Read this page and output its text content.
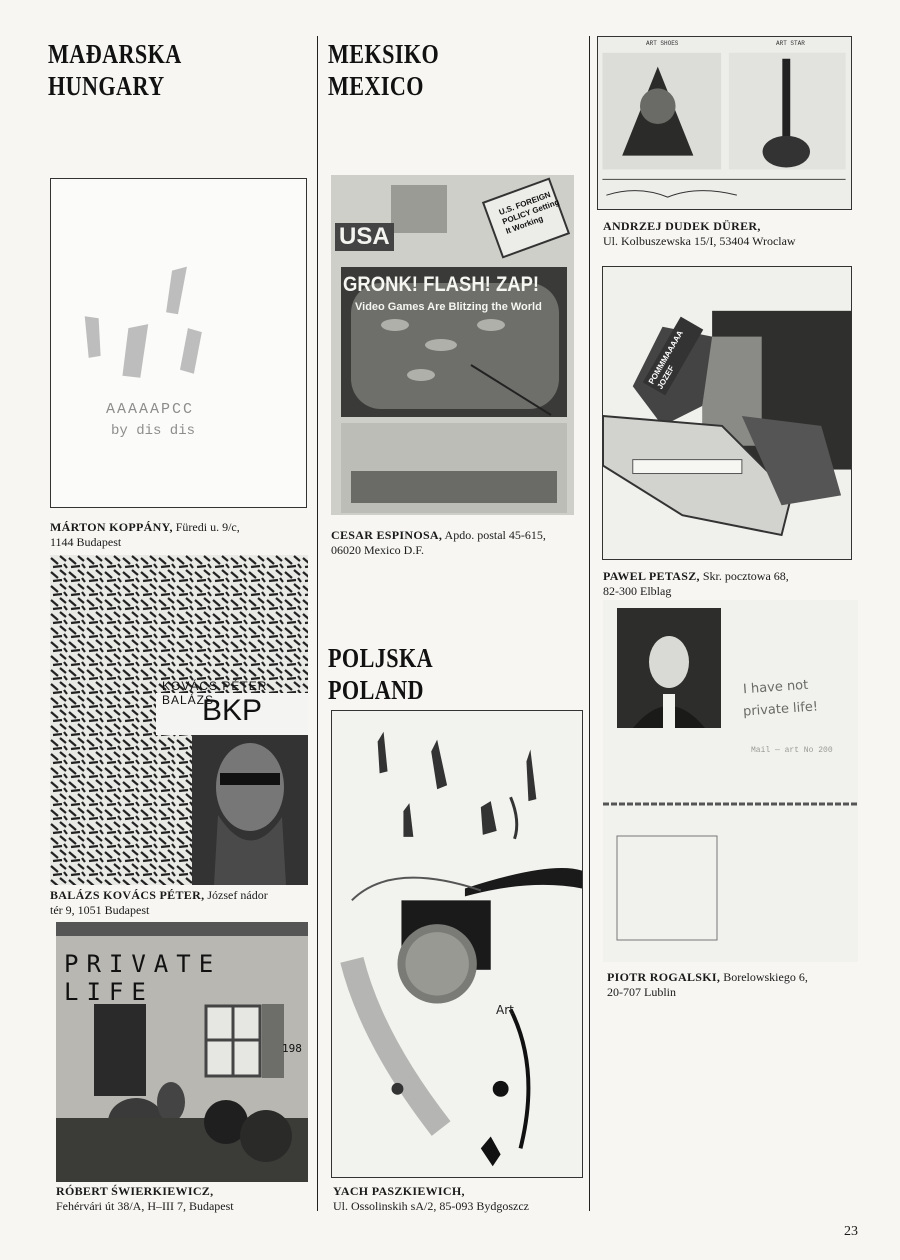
MAĐARSKA
HUNGARY
MEKSIKO
MEXICO
POLJSKA
POLAND
AAAAAPCC
by dis dis
MÁRTON KOPPÁNY, Füredi u. 9/c,
1144 Budapest
KOVÁCS PÉTER BALÁZS
BKP
BALÁZS KOVÁCS PÉTER, József nádor
tér 9, 1051 Budapest
PRIVATE LIFE
198
RÓBERT ŚWIERKIEWICZ,
Fehérvári út 38/A, H–III 7, Budapest
USA
U.S. FOREIGN POLICY Getting It Working
GRONK! FLASH! ZAP!
Video Games Are Blitzing the World
CESAR ESPINOSA, Apdo. postal 45-615,
06020 Mexico D.F.
Art
YACH PASZKIEWICH,
Ul. Ossolinskih sA/2, 85-093 Bydgoszcz
ART SHOES	ART STAR
ANDRZEJ DUDEK DÜRER,
Ul. Kolbuszewska 15/I, 53404 Wroclaw
POMMMAAAAA JOZEF
PAWEL PETASZ, Skr. pocztowa 68,
82-300 Elblag
I have not
private life!
Mail — art No 200
PIOTR ROGALSKI, Borelowskiego 6,
20-707 Lublin
23
